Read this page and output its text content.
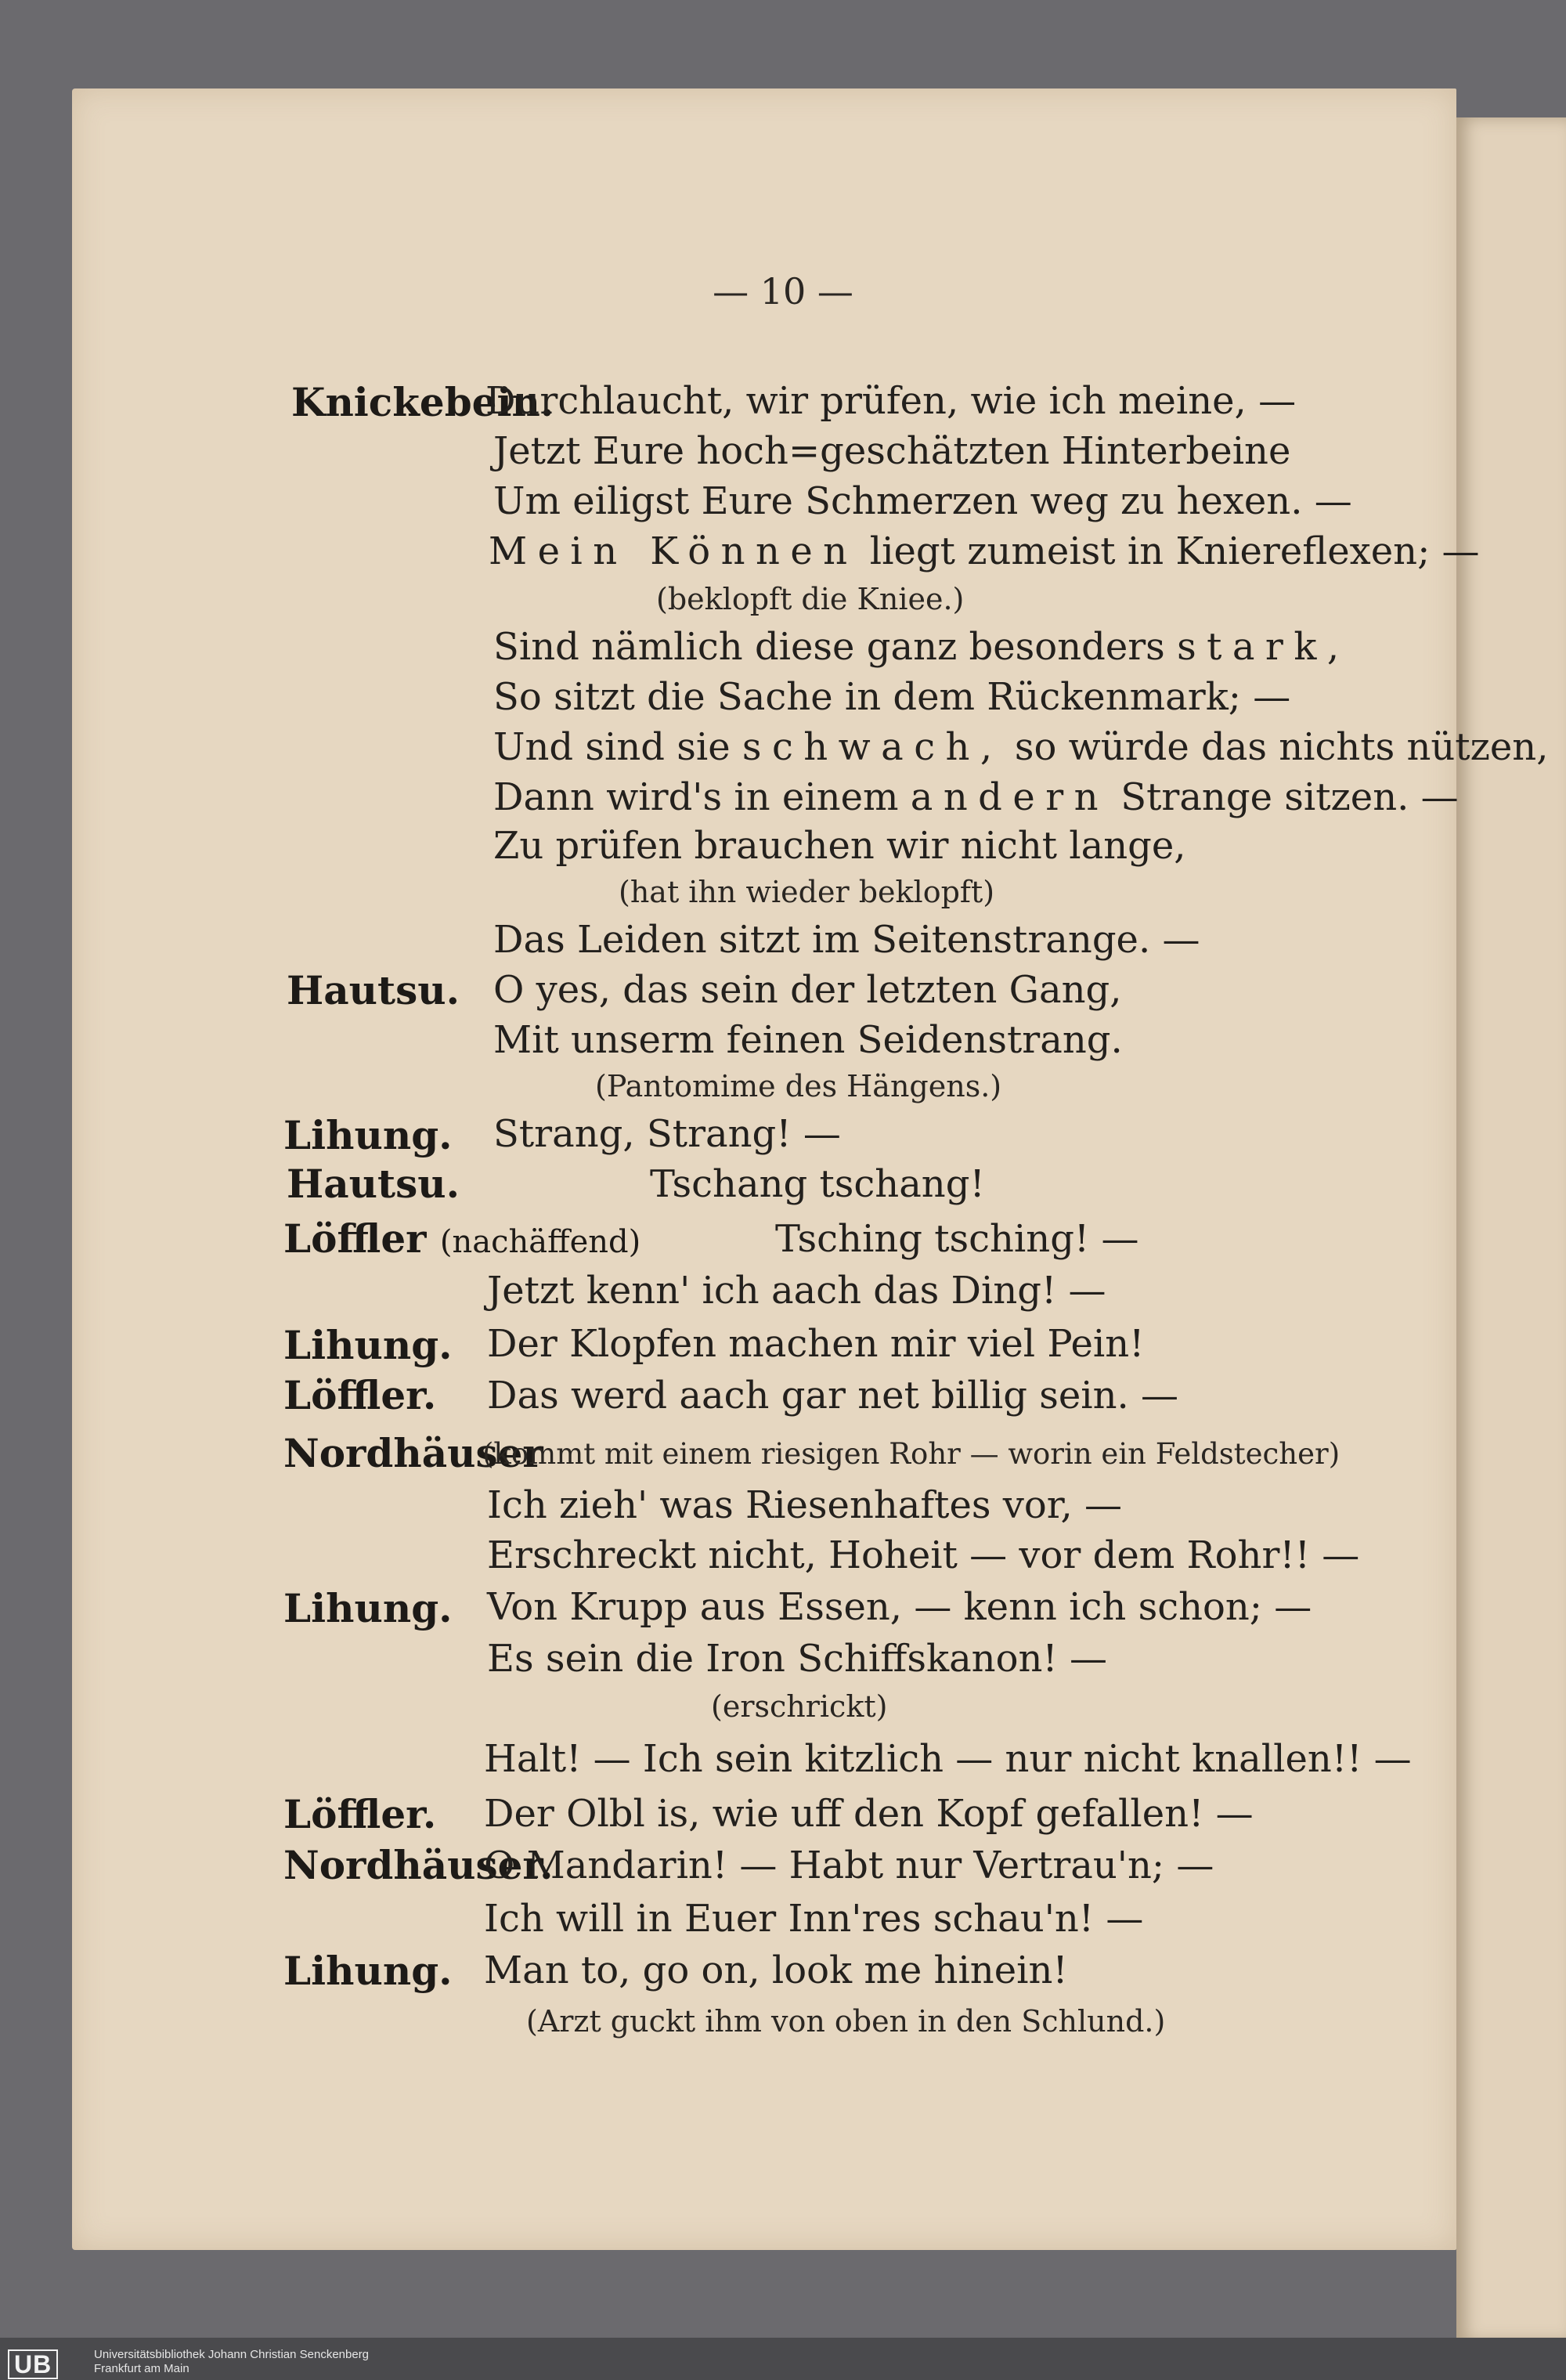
— 10 —
Knickebein.
Hautsu.
Lihung.
Hautsu.
Löffler (nachäffend)
Lihung.
Löffler.
Nordhäuser
Lihung.
Löffler.
Nordhäuser.
Lihung.
Durchlaucht, wir prüfen, wie ich meine, —
Jetzt Eure hoch=geschätzten Hinterbeine
Um eiligst Eure Schmerzen weg zu hexen. —
Mein Können liegt zumeist in Kniereflexen; —
(beklopft die Kniee.)
Sind nämlich diese ganz besonders stark,
So sitzt die Sache in dem Rückenmark; —
Und sind sie schwach, so würde das nichts nützen,
Dann wird's in einem andern Strange sitzen. —
Zu prüfen brauchen wir nicht lange,
(hat ihn wieder beklopft)
Das Leiden sitzt im Seitenstrange. —
O yes, das sein der letzten Gang,
Mit unserm feinen Seidenstrang.
(Pantomime des Hängens.)
Strang, Strang! —
Tschang tschang!
Tsching tsching! —
Jetzt kenn' ich aach das Ding! —
Der Klopfen machen mir viel Pein!
Das werd aach gar net billig sein. —
(kommt mit einem riesigen Rohr — worin ein Feldstecher)
Ich zieh' was Riesenhaftes vor, —
Erschreckt nicht, Hoheit — vor dem Rohr!! —
Von Krupp aus Essen, — kenn ich schon; —
Es sein die Iron Schiffskanon! —
(erschrickt)
Halt! — Ich sein kitzlich — nur nicht knallen!! —
Der Olbl is, wie uff den Kopf gefallen! —
O Mandarin! — Habt nur Vertrau'n; —
Ich will in Euer Inn'res schau'n! —
Man to, go on, look me hinein!
(Arzt guckt ihm von oben in den Schlund.)
UB	Universitätsbibliothek Johann Christian Senckenberg
Frankfurt am Main
